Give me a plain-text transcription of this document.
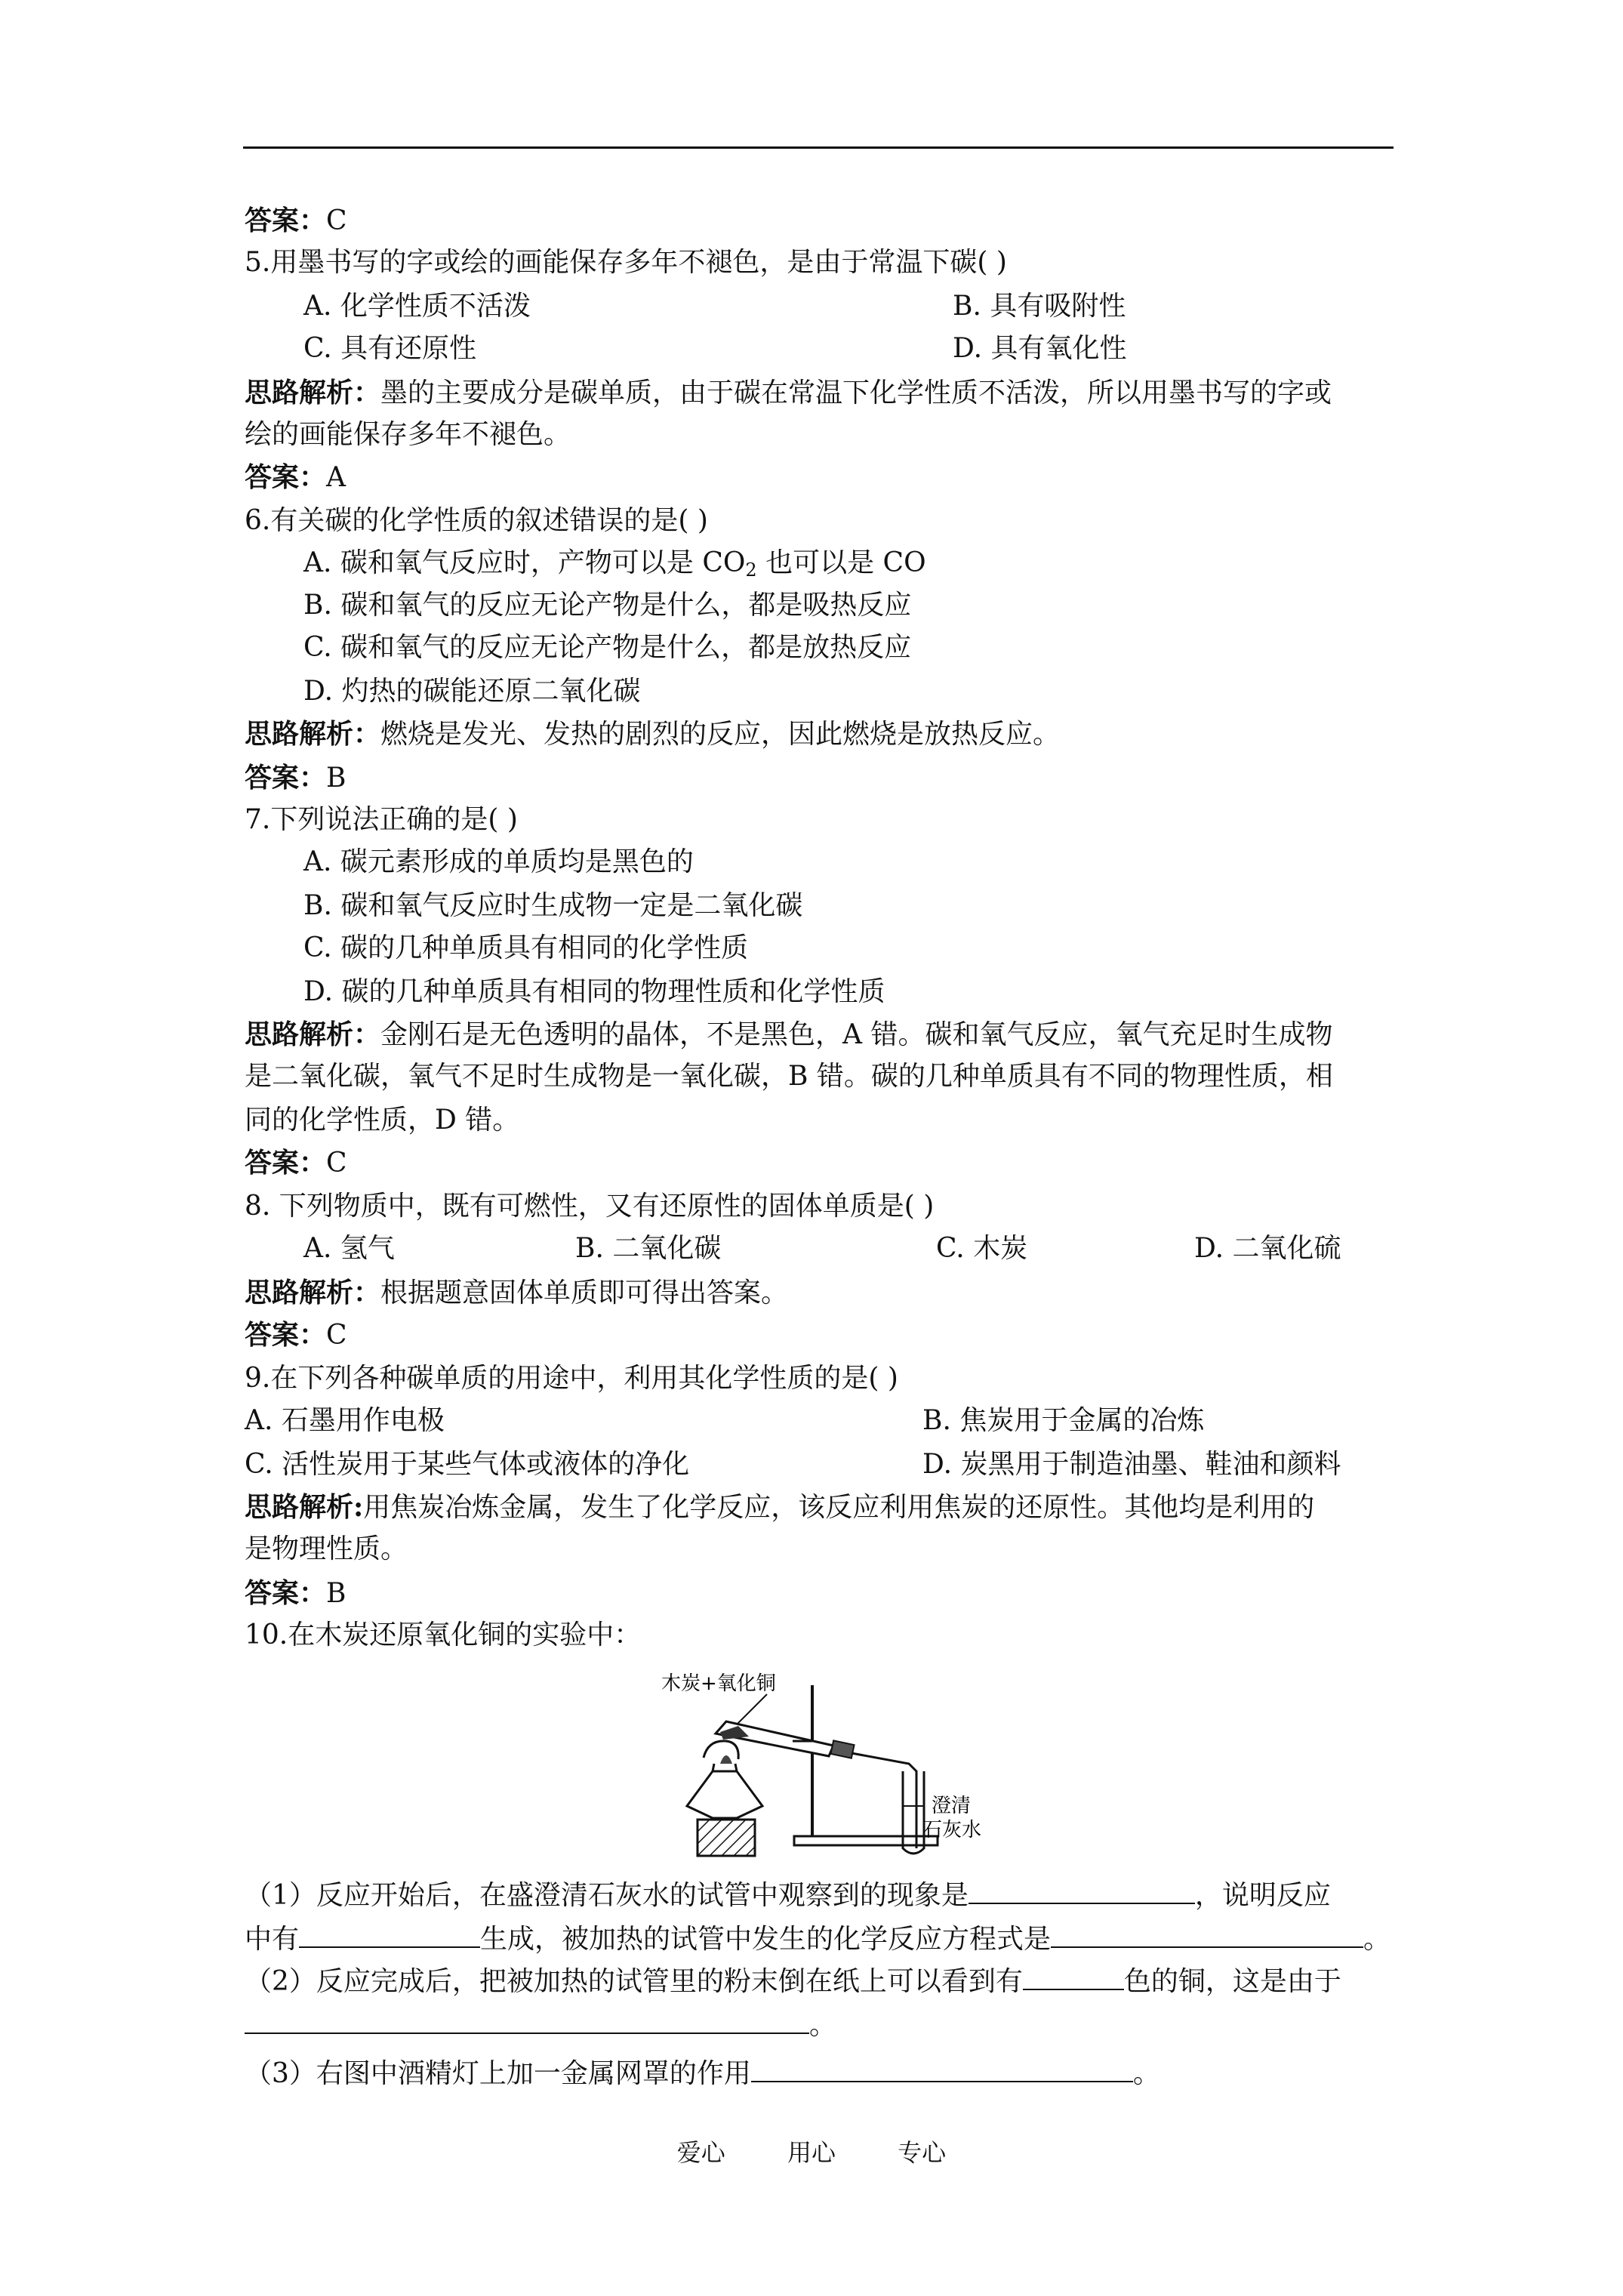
答案：C
5.用墨书写的字或绘的画能保存多年不褪色，是由于常温下碳( )
A. 化学性质不活泼	B. 具有吸附性
C. 具有还原性	D. 具有氧化性
思路解析：墨的主要成分是碳单质，由于碳在常温下化学性质不活泼，所以用墨书写的字或
绘的画能保存多年不褪色。
答案：A
6.有关碳的化学性质的叙述错误的是( )
A. 碳和氧气反应时，产物可以是 $CO_2$ 也可以是 CO
B. 碳和氧气的反应无论产物是什么，都是吸热反应
C. 碳和氧气的反应无论产物是什么，都是放热反应
D. 灼热的碳能还原二氧化碳
思路解析：燃烧是发光、发热的剧烈的反应，因此燃烧是放热反应。
答案：B
7.下列说法正确的是( )
A. 碳元素形成的单质均是黑色的
B. 碳和氧气反应时生成物一定是二氧化碳
C. 碳的几种单质具有相同的化学性质
D. 碳的几种单质具有相同的物理性质和化学性质
思路解析：金刚石是无色透明的晶体，不是黑色，A 错。碳和氧气反应，氧气充足时生成物
是二氧化碳，氧气不足时生成物是一氧化碳，B 错。碳的几种单质具有不同的物理性质，相
同的化学性质，D 错。
答案：C
8. 下列物质中，既有可燃性，又有还原性的固体单质是( )
A. 氢气	B. 二氧化碳	C. 木炭	D. 二氧化硫
思路解析：根据题意固体单质即可得出答案。
答案：C
9.在下列各种碳单质的用途中，利用其化学性质的是( )
A. 石墨用作电极	B. 焦炭用于金属的冶炼
C. 活性炭用于某些气体或液体的净化	D. 炭黑用于制造油墨、鞋油和颜料
思路解析:用焦炭冶炼金属，发生了化学反应，该反应利用焦炭的还原性。其他均是利用的
是物理性质。
答案：B
10.在木炭还原氧化铜的实验中：
木炭+氧化铜
澄清
石灰水
（1）反应开始后，在盛澄清石灰水的试管中观察到的现象是	，说明反应
中有	生成，被加热的试管中发生的化学反应方程式是	。
（2）反应完成后，把被加热的试管里的粉末倒在纸上可以看到有	色的铜，这是由于
。
（3）右图中酒精灯上加一金属网罩的作用	。
爱心	用心	专心
